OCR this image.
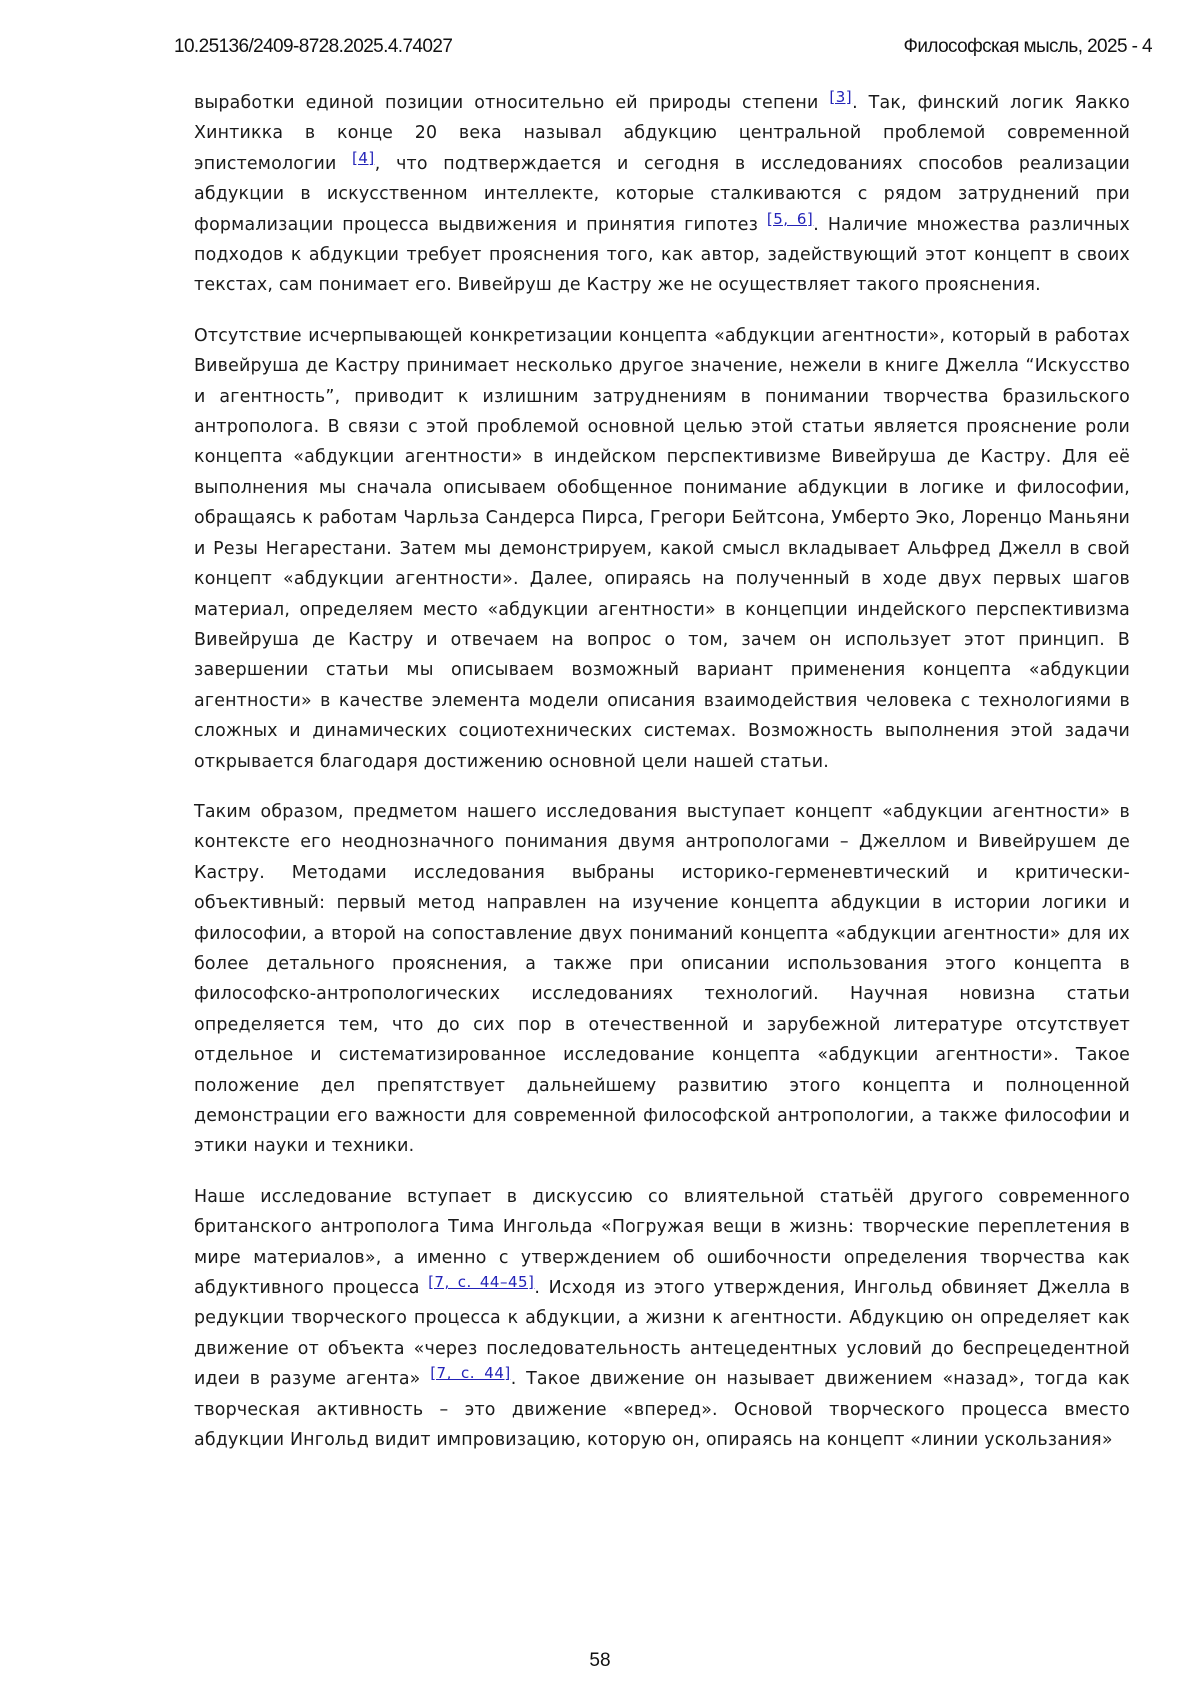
10.25136/2409-8728.2025.4.74027	Философская мысль, 2025 - 4

выработки единой позиции относительно ей природы степени [3]. Так, финский логик Яакко Хинтикка в конце 20 века называл абдукцию центральной проблемой современной эпистемологии [4], что подтверждается и сегодня в исследованиях способов реализации абдукции в искусственном интеллекте, которые сталкиваются с рядом затруднений при формализации процесса выдвижения и принятия гипотез [5, 6]. Наличие множества различных подходов к абдукции требует прояснения того, как автор, задействующий этот концепт в своих текстах, сам понимает его. Вивейруш де Кастру же не осуществляет такого прояснения.

Отсутствие исчерпывающей конкретизации концепта «абдукции агентности», который в работах Вивейруша де Кастру принимает несколько другое значение, нежели в книге Джелла “Искусство и агентность”, приводит к излишним затруднениям в понимании творчества бразильского антрополога. В связи с этой проблемой основной целью этой статьи является прояснение роли концепта «абдукции агентности» в индейском перспективизме Вивейруша де Кастру. Для её выполнения мы сначала описываем обобщенное понимание абдукции в логике и философии, обращаясь к работам Чарльза Сандерса Пирса, Грегори Бейтсона, Умберто Эко, Лоренцо Маньяни и Резы Негарестани. Затем мы демонстрируем, какой смысл вкладывает Альфред Джелл в свой концепт «абдукции агентности». Далее, опираясь на полученный в ходе двух первых шагов материал, определяем место «абдукции агентности» в концепции индейского перспективизма Вивейруша де Кастру и отвечаем на вопрос о том, зачем он использует этот принцип. В завершении статьи мы описываем возможный вариант применения концепта «абдукции агентности» в качестве элемента модели описания взаимодействия человека с технологиями в сложных и динамических социотехнических системах. Возможность выполнения этой задачи открывается благодаря достижению основной цели нашей статьи.

Таким образом, предметом нашего исследования выступает концепт «абдукции агентности» в контексте его неоднозначного понимания двумя антропологами – Джеллом и Вивейрушем де Кастру. Методами исследования выбраны историко-герменевтический и критически-объективный: первый метод направлен на изучение концепта абдукции в истории логики и философии, а второй на сопоставление двух пониманий концепта «абдукции агентности» для их более детального прояснения, а также при описании использования этого концепта в философско-антропологических исследованиях технологий. Научная новизна статьи определяется тем, что до сих пор в отечественной и зарубежной литературе отсутствует отдельное и систематизированное исследование концепта «абдукции агентности». Такое положение дел препятствует дальнейшему развитию этого концепта и полноценной демонстрации его важности для современной философской антропологии, а также философии и этики науки и техники.

Наше исследование вступает в дискуссию со влиятельной статьёй другого современного британского антрополога Тима Ингольда «Погружая вещи в жизнь: творческие переплетения в мире материалов», а именно с утверждением об ошибочности определения творчества как абдуктивного процесса [7, с. 44–45]. Исходя из этого утверждения, Ингольд обвиняет Джелла в редукции творческого процесса к абдукции, а жизни к агентности. Абдукцию он определяет как движение от объекта «через последовательность антецедентных условий до беспрецедентной идеи в разуме агента» [7, с. 44]. Такое движение он называет движением «назад», тогда как творческая активность – это движение «вперед». Основой творческого процесса вместо абдукции Ингольд видит импровизацию, которую он, опираясь на концепт «линии ускользания»

58
